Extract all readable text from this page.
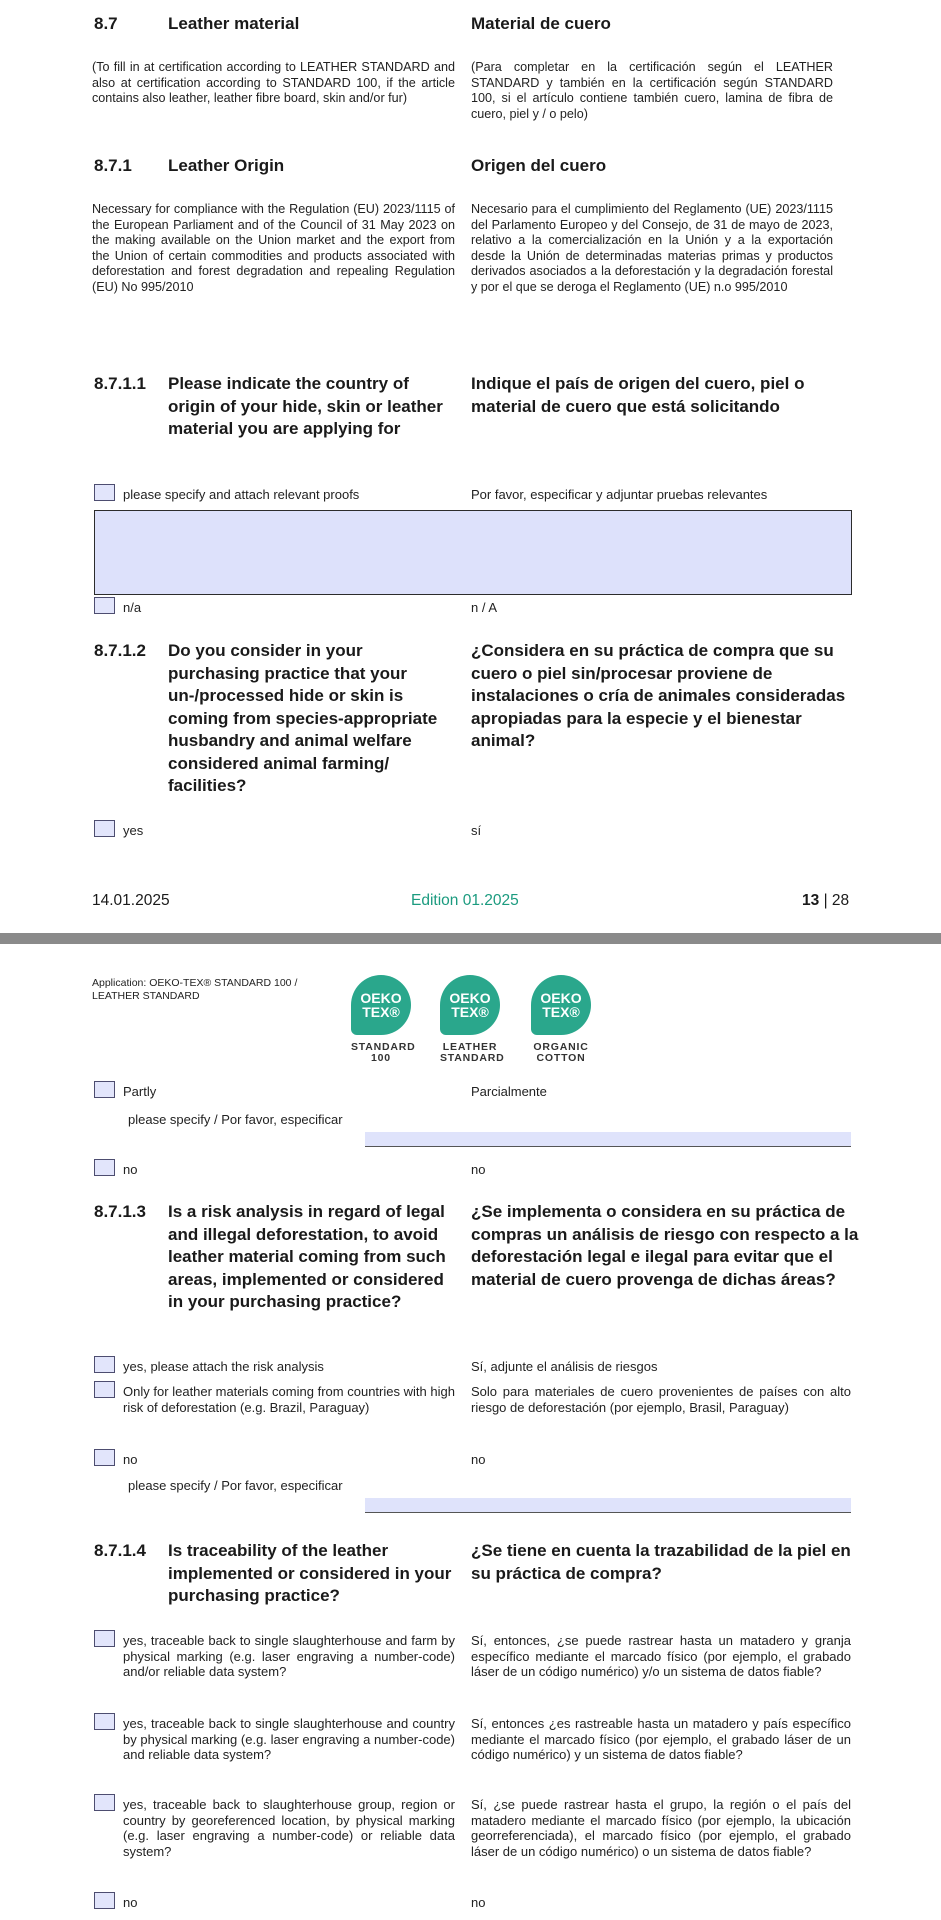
8.7	Leather material	Material de cuero
(To fill in at certification according to LEATHER STANDARD and also at certification according to STANDARD 100, if the article contains also leather, leather fibre board, skin and/or fur)
(Para completar en la certificación según el LEATHER STANDARD y también en la certificación según STANDARD 100, si el artículo contiene también cuero, lamina de fibra de cuero, piel y / o pelo)
8.7.1 Leather Origin	Origen del cuero
Necessary for compliance with the Regulation (EU) 2023/1115 of the European Parliament and of the Council of 31 May 2023 on the making available on the Union market and the export from the Union of certain commodities and products associated with deforestation and forest degradation and repealing Regulation (EU) No 995/2010
Necesario para el cumplimiento del Reglamento (UE) 2023/1115 del Parlamento Europeo y del Consejo, de 31 de mayo de 2023, relativo a la comercialización en la Unión y a la exportación desde la Unión de determinadas materias primas y productos derivados asociados a la deforestación y la degradación forestal y por el que se deroga el Reglamento (UE) n.o 995/2010
8.7.1.1 Please indicate the country of origin of your hide, skin or leather material you are applying for
Indique el país de origen del cuero, piel o material de cuero que está solicitando
please specify and attach relevant proofs	Por favor, especificar y adjuntar pruebas relevantes
n/a	n / A
8.7.1.2 Do you consider in your purchasing practice that your un-/processed hide or skin is coming from species-appropriate husbandry and animal welfare considered animal farming/ facilities?
¿Considera en su práctica de compra que su cuero o piel sin/procesar proviene de instalaciones o cría de animales consideradas apropiadas para la especie y el bienestar animal?
yes	sí
14.01.2025	Edition 01.2025	13 | 28
Application: OEKO-TEX® STANDARD 100 / LEATHER STANDARD	OEKO
TEX®
STANDARD
100
OEKO
TEX®
LEATHER
STANDARD
OEKO
TEX®
ORGANIC
COTTON
Partly	Parcialmente
please specify / Por favor, especificar
no	no
8.7.1.3 Is a risk analysis in regard of legal and illegal deforestation, to avoid leather material coming from such areas, implemented or considered in your purchasing practice?
¿Se implementa o considera en su práctica de compras un análisis de riesgo con respecto a la deforestación legal e ilegal para evitar que el material de cuero provenga de dichas áreas?
yes, please attach the risk analysis	Sí, adjunte el análisis de riesgos
Only for leather materials coming from countries with high risk of deforestation (e.g. Brazil, Paraguay)
Solo para materiales de cuero provenientes de países con alto riesgo de deforestación (por ejemplo, Brasil, Paraguay)
no	no
please specify / Por favor, especificar
8.7.1.4 Is traceability of the leather implemented or considered in your purchasing practice?
¿Se tiene en cuenta la trazabilidad de la piel en su práctica de compra?
yes, traceable back to single slaughterhouse and farm by physical marking (e.g. laser engraving a number-code) and/or reliable data system?
Sí, entonces, ¿se puede rastrear hasta un matadero y granja específico mediante el marcado físico (por ejemplo, el grabado láser de un código numérico) y/o un sistema de datos fiable?
yes, traceable back to single slaughterhouse and country by physical marking (e.g. laser engraving a number-code) and reliable data system?
Sí, entonces ¿es rastreable hasta un matadero y país específico mediante el marcado físico (por ejemplo, el grabado láser de un código numérico) y un sistema de datos fiable?
yes, traceable back to slaughterhouse group, region or country by georeferenced location, by physical marking (e.g. laser engraving a number-code) or reliable data system?
Sí, ¿se puede rastrear hasta el grupo, la región o el país del matadero mediante el marcado físico (por ejemplo, la ubicación georreferenciada), el marcado físico (por ejemplo, el grabado láser de un código numérico) o un sistema de datos fiable?
no	no
